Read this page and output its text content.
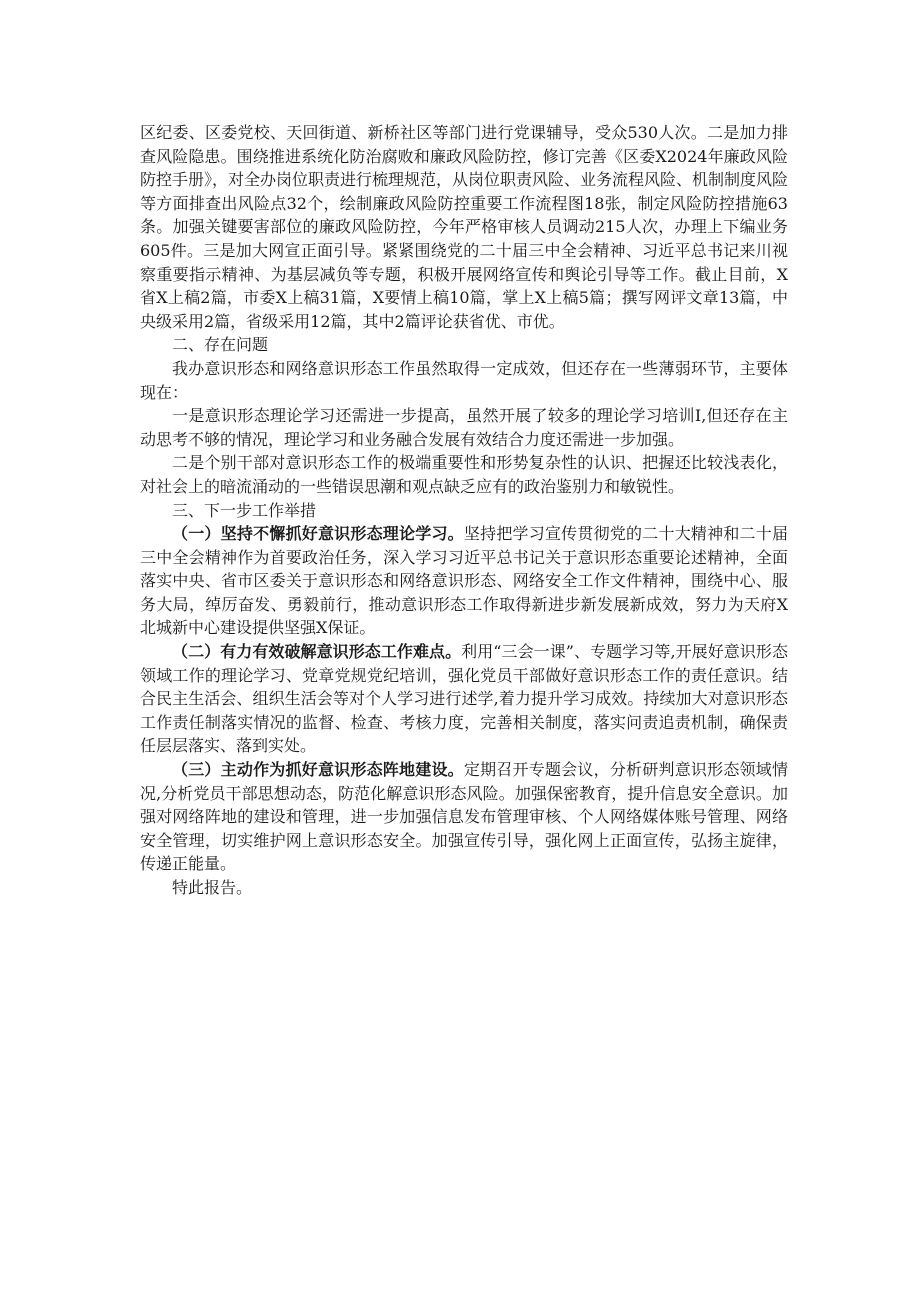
区纪委、区委党校、天回街道、新桥社区等部门进行党课辅导，受众530人次。二是加力排查风险隐患。围绕推进系统化防治腐败和廉政风险防控，修订完善《区委X2024年廉政风险防控手册》，对全办岗位职责进行梳理规范，从岗位职责风险、业务流程风险、机制制度风险等方面排查出风险点32个，绘制廉政风险防控重要工作流程图18张，制定风险防控措施63条。加强关键要害部位的廉政风险防控，今年严格审核人员调动215人次，办理上下编业务605件。三是加大网宣正面引导。紧紧围绕党的二十届三中全会精神、习近平总书记来川视察重要指示精神、为基层减负等专题，积极开展网络宣传和舆论引导等工作。截止目前，X省X上稿2篇，市委X上稿31篇，X要情上稿10篇，掌上X上稿5篇；撰写网评文章13篇，中央级采用2篇，省级采用12篇，其中2篇评论获省优、市优。

二、存在问题

我办意识形态和网络意识形态工作虽然取得一定成效，但还存在一些薄弱环节，主要体现在：

一是意识形态理论学习还需进一步提高，虽然开展了较多的理论学习培训I,但还存在主动思考不够的情况，理论学习和业务融合发展有效结合力度还需进一步加强。

二是个别干部对意识形态工作的极端重要性和形势复杂性的认识、把握还比较浅表化，对社会上的暗流涌动的一些错误思潮和观点缺乏应有的政治鉴别力和敏锐性。

三、下一步工作举措

（一）坚持不懈抓好意识形态理论学习。坚持把学习宣传贯彻党的二十大精神和二十届三中全会精神作为首要政治任务，深入学习习近平总书记关于意识形态重要论述精神，全面落实中央、省市区委关于意识形态和网络意识形态、网络安全工作文件精神，围绕中心、服务大局，绰厉奋发、勇毅前行，推动意识形态工作取得新进步新发展新成效，努力为天府X北城新中心建设提供坚强X保证。

（二）有力有效破解意识形态工作难点。利用“三会一课”、专题学习等,开展好意识形态领域工作的理论学习、党章党规党纪培训，强化党员干部做好意识形态工作的责任意识。结合民主生活会、组织生活会等对个人学习进行述学,着力提升学习成效。持续加大对意识形态工作责任制落实情况的监督、检查、考核力度，完善相关制度，落实问责追责机制，确保责任层层落实、落到实处。

（三）主动作为抓好意识形态阵地建设。定期召开专题会议，分析研判意识形态领域情况,分析党员干部思想动态，防范化解意识形态风险。加强保密教育，提升信息安全意识。加强对网络阵地的建设和管理，进一步加强信息发布管理审核、个人网络媒体账号管理、网络安全管理，切实维护网上意识形态安全。加强宣传引导，强化网上正面宣传，弘扬主旋律，传递正能量。

特此报告。
